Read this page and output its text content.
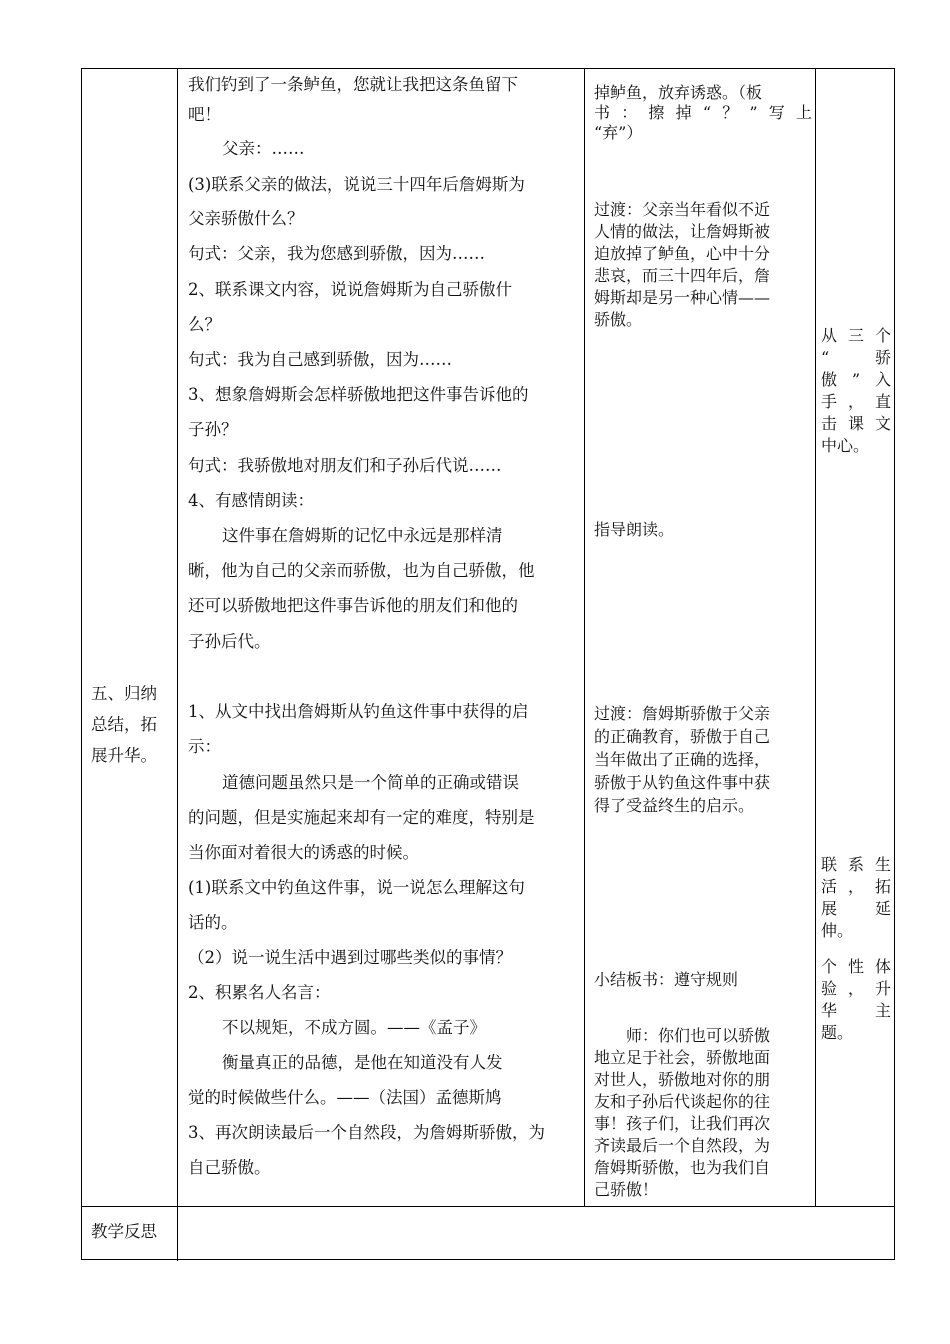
五、归纳

总结，拓

展升华。

我们钓到了一条鲈鱼，您就让我把这条鱼留下

吧！

父亲：……

(3)联系父亲的做法，说说三十四年后詹姆斯为

父亲骄傲什么？

句式：父亲，我为您感到骄傲，因为……

2、联系课文内容，说说詹姆斯为自己骄傲什

么？

句式：我为自己感到骄傲，因为……

3、想象詹姆斯会怎样骄傲地把这件事告诉他的

子孙？

句式：我骄傲地对朋友们和子孙后代说……

4、有感情朗读：

这件事在詹姆斯的记忆中永远是那样清

晰，他为自己的父亲而骄傲，也为自己骄傲，他

还可以骄傲地把这件事告诉他的朋友们和他的

子孙后代。

1、从文中找出詹姆斯从钓鱼这件事中获得的启

示：

道德问题虽然只是一个简单的正确或错误

的问题，但是实施起来却有一定的难度，特别是

当你面对着很大的诱惑的时候。

(1)联系文中钓鱼这件事，说一说怎么理解这句

话的。

（2）说一说生活中遇到过哪些类似的事情？

2、积累名人名言：

不以规矩，不成方圆。——《孟子》

衡量真正的品德，是他在知道没有人发

觉的时候做些什么。——（法国）孟德斯鸠

3、再次朗读最后一个自然段，为詹姆斯骄傲，为

自己骄傲。

掉鲈鱼，放弃诱惑。（板

书：擦掉“？”写上

“弃”）

过渡：父亲当年看似不近

人情的做法，让詹姆斯被

迫放掉了鲈鱼，心中十分

悲哀，而三十四年后，詹

姆斯却是另一种心情——

骄傲。

指导朗读。

过渡：詹姆斯骄傲于父亲

的正确教育，骄傲于自己

当年做出了正确的选择，

骄傲于从钓鱼这件事中获

得了受益终生的启示。

小结板书：遵守规则

师：你们也可以骄傲

地立足于社会，骄傲地面

对世人，骄傲地对你的朋

友和子孙后代谈起你的往

事！孩子们，让我们再次

齐读最后一个自然段，为

詹姆斯骄傲，也为我们自

己骄傲！

从三个

“ 骄

傲”入

手，直

击课文

中心。

联系生

活，拓

展 延

伸。

个性体

验，升

华 主

题。

教学反思
